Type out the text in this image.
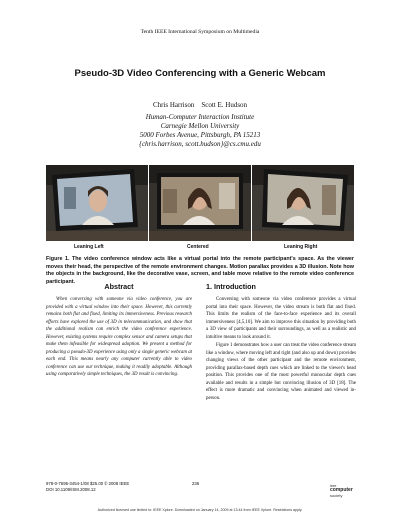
Tenth IEEE International Symposium on Multimedia
Pseudo-3D Video Conferencing with a Generic Webcam
Chris Harrison    Scott E. Hudson
Human-Computer Interaction Institute
Carnegie Mellon University
5000 Forbes Avenue, Pittsburgh, PA 15213
{chris.harrison, scott.hudson}@cs.cmu.edu
Leaning Left	Centered	Leaning Right
Figure 1. The video conference window acts like a virtual portal into the remote participant's space. As the viewer moves their head, the perspective of the remote environment changes. Motion parallax provides a 3D illusion. Note how the objects in the background, like the decorative vase, screen, and table move relative to the remote video conference participant.
Abstract	1. Introduction

When conversing with someone via video conference, you are provided with a virtual window into their space. However, this currently remains both flat and fixed, limiting its immersiveness. Previous research efforts have explored the use of 3D in telecommunication, and show that the additional realism can enrich the video conference experience. However, existing systems require complex sensor and camera setups that make them infeasible for widespread adoption. We present a method for producing a pseudo-3D experience using only a single generic webcam at each end. This means nearly any computer currently able to video conference can use our technique, making it readily adoptable. Although using comparatively simple techniques, the 3D result is convincing.

Conversing with someone via video conference provides a virtual portal into their space. However, the video stream is both flat and fixed. This limits the realism of the face-to-face experience and its overall immersiveness [4,5,10]. We aim to improve this situation by providing both a 3D view of participants and their surroundings, as well as a realistic and intuitive means to look around it.

Figure 1 demonstrates how a user can treat the video conference stream like a window, where moving left and right (and also up and down) provides changing views of the other participant and the remote environment, providing parallax-based depth cues which are linked to the viewer's head position. This provides one of the most powerful monocular depth cues available and results in a simple but convincing illusion of 3D [18]. The effect is more dramatic and convincing when animated and viewed in-person.

978-0-7695-3454-1/08 $25.00 © 2008 IEEE
DOI 10.1109/ISM.2008.12
236	ieee
computer
society
Authorized licensed use limited to: IEEE Xplore. Downloaded on January 14, 2009 at 13:44 from IEEE Xplore. Restrictions apply.
